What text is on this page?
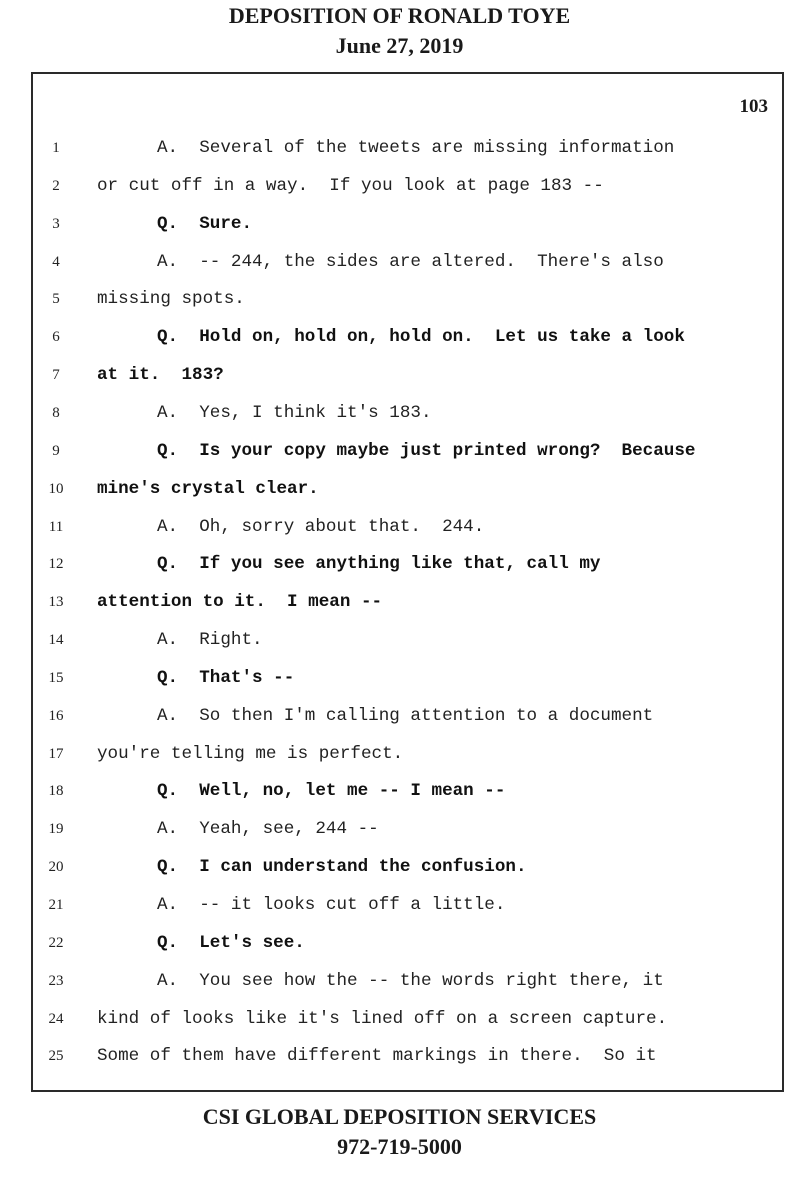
DEPOSITION OF RONALD TOYE
June 27, 2019
103
1	A.  Several of the tweets are missing information
2	or cut off in a way.  If you look at page 183 --
3	Q.  Sure.
4	A.  -- 244, the sides are altered.  There's also
5	missing spots.
6	Q.  Hold on, hold on, hold on.  Let us take a look
7	at it.  183?
8	A.  Yes, I think it's 183.
9	Q.  Is your copy maybe just printed wrong?  Because
10	mine's crystal clear.
11	A.  Oh, sorry about that.  244.
12	Q.  If you see anything like that, call my
13	attention to it.  I mean --
14	A.  Right.
15	Q.  That's --
16	A.  So then I'm calling attention to a document
17	you're telling me is perfect.
18	Q.  Well, no, let me -- I mean --
19	A.  Yeah, see, 244 --
20	Q.  I can understand the confusion.
21	A.  -- it looks cut off a little.
22	Q.  Let's see.
23	A.  You see how the -- the words right there, it
24	kind of looks like it's lined off on a screen capture.
25	Some of them have different markings in there.  So it
CSI GLOBAL DEPOSITION SERVICES
972-719-5000
